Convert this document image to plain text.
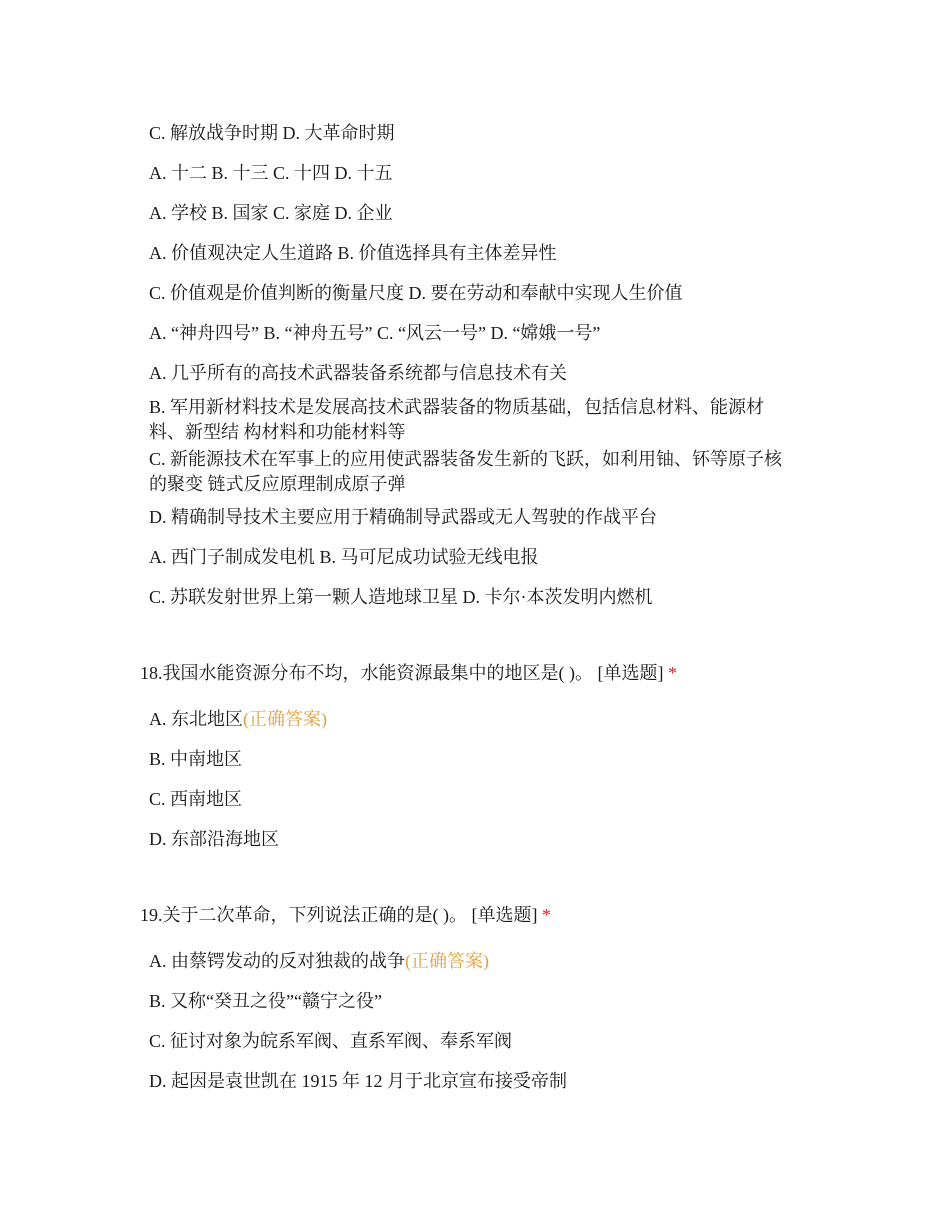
C. 解放战争时期 D. 大革命时期
A. 十二 B. 十三 C. 十四 D. 十五
A. 学校 B. 国家 C. 家庭 D. 企业
A. 价值观决定人生道路 B. 价值选择具有主体差异性
C. 价值观是价值判断的衡量尺度 D. 要在劳动和奉献中实现人生价值
A. “神舟四号” B. “神舟五号” C. “风云一号” D. “嫦娥一号”
A. 几乎所有的高技术武器装备系统都与信息技术有关
B. 军用新材料技术是发展高技术武器装备的物质基础，包括信息材料、能源材料、新型结 构材料和功能材料等
C. 新能源技术在军事上的应用使武器装备发生新的飞跃，如利用铀、钚等原子核的聚变 链式反应原理制成原子弹
D. 精确制导技术主要应用于精确制导武器或无人驾驶的作战平台
A. 西门子制成发电机 B. 马可尼成功试验无线电报
C. 苏联发射世界上第一颗人造地球卫星 D. 卡尔·本茨发明内燃机
18.我国水能资源分布不均，水能资源最集中的地区是( )。 [单选题] *
A. 东北地区(正确答案)
B. 中南地区
C. 西南地区
D. 东部沿海地区
19.关于二次革命，下列说法正确的是( )。 [单选题] *
A. 由蔡锷发动的反对独裁的战争(正确答案)
B. 又称“癸丑之役”“赣宁之役”
C. 征讨对象为皖系军阀、直系军阀、奉系军阀
D. 起因是袁世凯在 1915 年 12 月于北京宣布接受帝制
